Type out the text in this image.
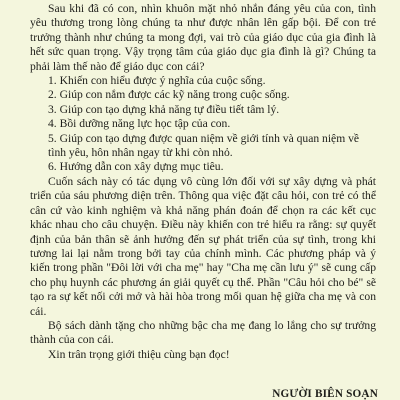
Sau khi đã có con, nhìn khuôn mặt nhỏ nhắn đáng yêu của con, tình yêu thương trong lòng chúng ta như được nhân lên gấp bội. Để con trẻ trưởng thành như chúng ta mong đợi, vai trò của giáo dục của gia đình là hết sức quan trọng. Vậy trọng tâm của giáo dục gia đình là gì? Chúng ta phải làm thế nào để giáo dục con cái?

1. Khiến con hiểu được ý nghĩa của cuộc sống.
2. Giúp con nắm được các kỹ năng trong cuộc sống.
3. Giúp con tạo dựng khả năng tự điều tiết tâm lý.
4. Bồi dưỡng năng lực học tập của con.
5. Giúp con tạo dựng được quan niệm về giới tính và quan niệm về tình yêu, hôn nhân ngay từ khi còn nhỏ.
6. Hướng dẫn con xây dựng mục tiêu.

Cuốn sách này có tác dụng vô cùng lớn đối với sự xây dựng và phát triển của sáu phương diện trên. Thông qua việc đặt câu hỏi, con trẻ có thể cân cứ vào kinh nghiệm và khả năng phán đoán để chọn ra các kết cục khác nhau cho câu chuyện. Điều này khiến con trẻ hiểu ra rằng: sự quyết định của bản thân sẽ ảnh hưởng đến sự phát triển của sự tình, trong khi tương lai lại nằm trong bởi tay của chính mình. Các phương pháp và ý kiến trong phần "Đôi lời với cha mẹ" hay "Cha mẹ cần lưu ý" sẽ cung cấp cho phụ huynh các phương án giải quyết cụ thể. Phần "Câu hỏi cho bé" sẽ tạo ra sự kết nối cởi mở và hài hòa trong mối quan hệ giữa cha mẹ và con cái.

Bộ sách dành tặng cho những bậc cha mẹ đang lo lắng cho sự trưởng thành của con cái.

Xin trân trọng giới thiệu cùng bạn đọc!

NGƯỜI BIÊN SOẠN
